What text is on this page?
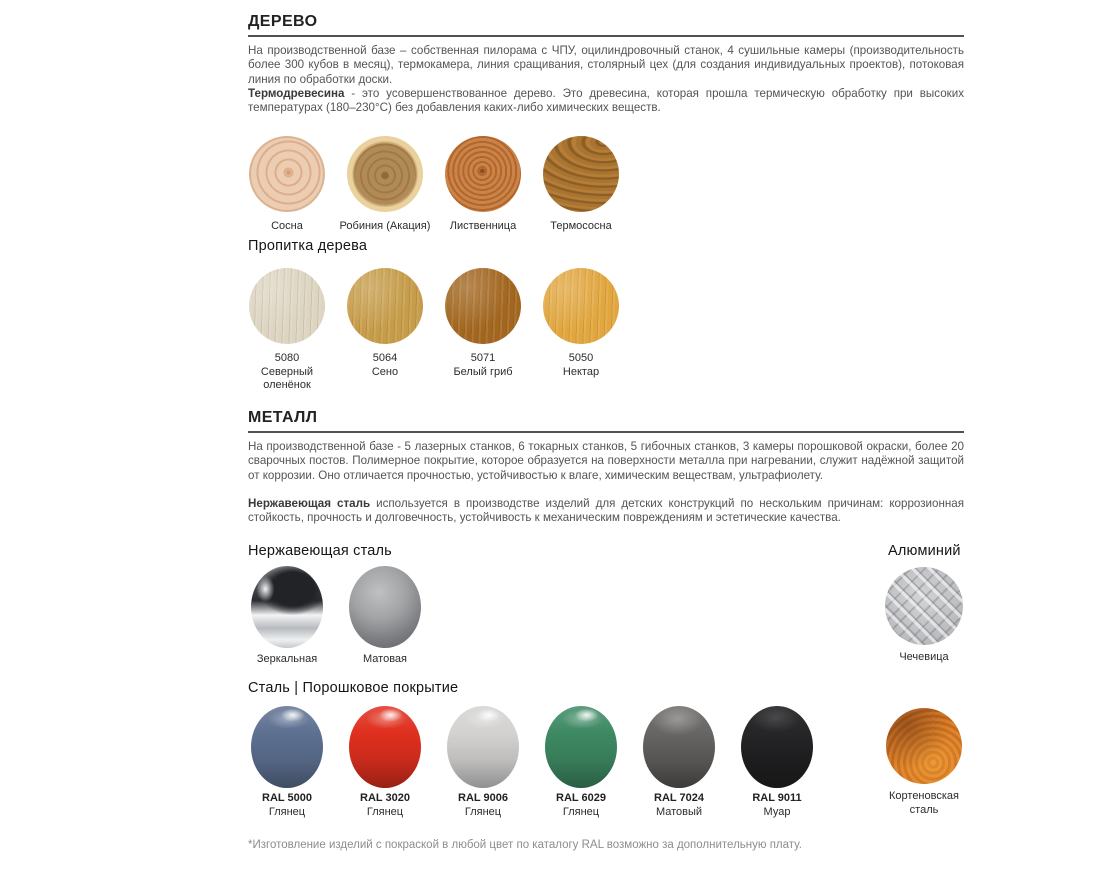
ДЕРЕВО

На производственной базе – собственная пилорама с ЧПУ, оцилиндровочный станок, 4 сушильные камеры (производительность более 300 кубов в месяц), термокамера, линия сращивания, столярный цех (для создания индивидуальных проектов), потоковая линия по обработки доски.

Термодревесина - это усовершенствованное дерево. Это древесина, которая прошла термическую обработку при высоких температурах (180–230°С) без добавления каких-либо химических веществ.

Сосна	Робиния (Акация)	Лиственница	Термососна
Пропитка дерева
5080
Северный оленёнок
5064
Сено
5071
Белый гриб
5050
Нектар
МЕТАЛЛ

На производственной базе - 5 лазерных станков, 6 токарных станков, 5 гибочных станков, 3 камеры порошковой окраски, более 20 сварочных постов. Полимерное покрытие, которое образуется на поверхности металла при нагревании, служит надёжной защитой от коррозии. Оно отличается прочностью, устойчивостью к влаге, химическим веществам, ультрафиолету.

Нержавеющая сталь используется в производстве изделий для детских конструкций по нескольким причинам: коррозионная стойкость, прочность и долговечность, устойчивость к механическим повреждениям и эстетические качества.

Нержавеющая сталь	Алюминий
Зеркальная	Матовая	Чечевица
Сталь | Порошковое покрытие
RAL 5000
Глянец
RAL 3020
Глянец
RAL 9006
Глянец
RAL 6029
Глянец
RAL 7024
Матовый
RAL 9011
Муар
Кортеновская сталь
*Изготовление изделий с покраской в любой цвет по каталогу RAL возможно за дополнительную плату.
